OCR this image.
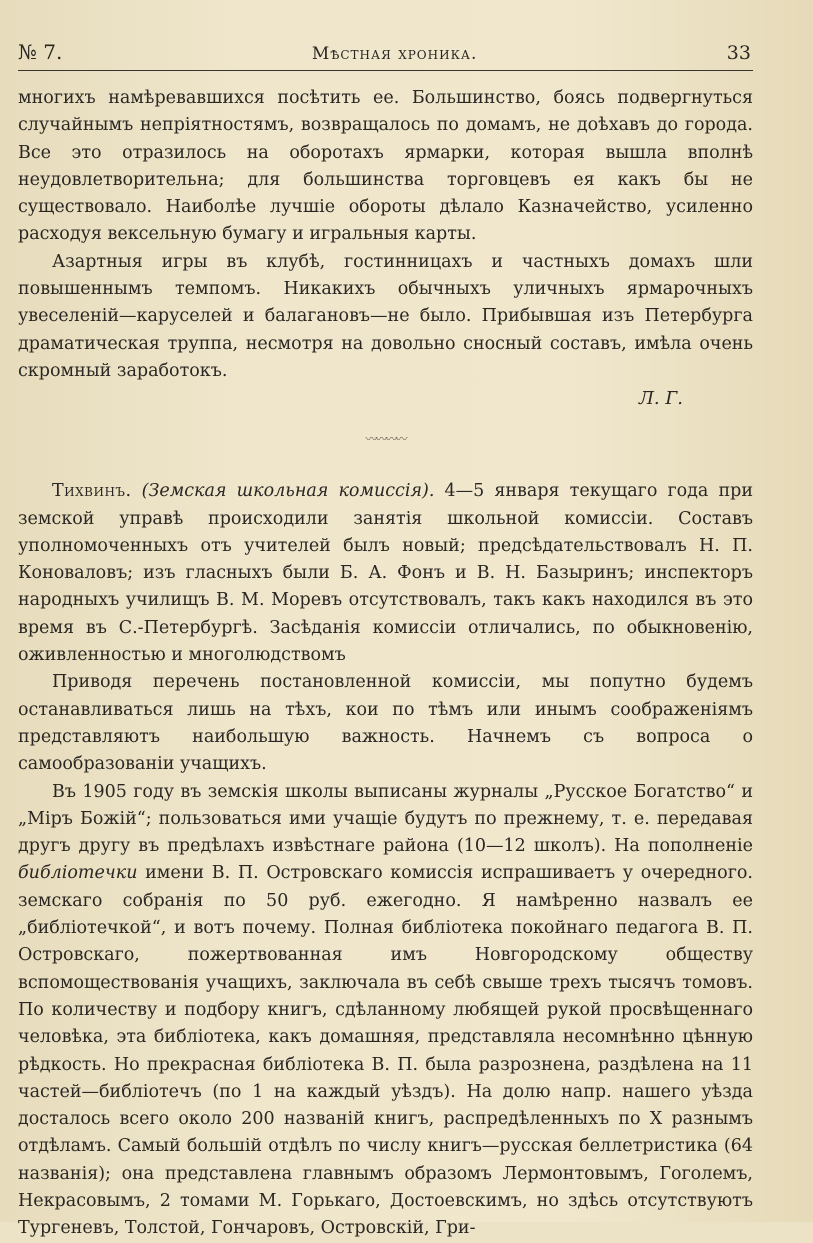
№ 7.	Мѣстная хроника.	33

многихъ намѣревавшихся посѣтить ее. Большинство, боясь подвергнуться случайнымъ непріятностямъ, возвращалось по домамъ, не доѣхавъ до города. Все это отразилось на оборотахъ ярмарки, которая вышла вполнѣ неудовлетворительна; для большинства торговцевъ ея какъ бы не существовало. Наиболѣе лучшіе обороты дѣлало Казначейство, усиленно расходуя вексельную бумагу и игральныя карты.

Азартныя игры въ клубѣ, гостинницахъ и частныхъ домахъ шли повышеннымъ темпомъ. Никакихъ обычныхъ уличныхъ ярмарочныхъ увеселеній—каруселей и балагановъ—не было. Прибывшая изъ Петербурга драматическая труппа, несмотря на довольно сносный составъ, имѣла очень скромный заработокъ.

Л. Г.
〰〰〰〰

Тихвинъ. (Земская школьная комиссія). 4—5 января текущаго года при земской управѣ происходили занятія школьной комиссіи. Составъ уполномоченныхъ отъ учителей былъ новый; предсѣдательствовалъ Н. П. Коноваловъ; изъ гласныхъ были Б. А. Фонъ и В. Н. Базыринъ; инспекторъ народныхъ училищъ В. М. Моревъ отсутствовалъ, такъ какъ находился въ это время въ С.-Петербургѣ. Засѣданія комиссіи отличались, по обыкновенію, оживленностью и многолюдствомъ

Приводя перечень постановленной комиссіи, мы попутно будемъ останавливаться лишь на тѣхъ, кои по тѣмъ или инымъ соображеніямъ представляютъ наибольшую важность. Начнемъ съ вопроса о самообразованіи учащихъ.

Въ 1905 году въ земскія школы выписаны журналы „Русское Богатство“ и „Міръ Божій“; пользоваться ими учащіе будутъ по прежнему, т. е. передавая другъ другу въ предѣлахъ извѣстнаге района (10—12 школъ). На пополненіе библіотечки имени В. П. Островскаго комиссія испрашиваетъ у очередного. земскаго собранія по 50 руб. ежегодно. Я намѣренно назвалъ ее „библіотечкой“, и вотъ почему. Полная библіотека покойнаго педагога В. П. Островскаго, пожертвованная имъ Новгородскому обществу вспомоществованія учащихъ, заключала въ себѣ свыше трехъ тысячъ томовъ. По количеству и подбору книгъ, сдѣланному любящей рукой просвѣщеннаго человѣка, эта библіотека, какъ домашняя, представляла несомнѣнно цѣнную рѣдкость. Но прекрасная библіотека В. П. была разрознена, раздѣлена на 11 частей—библіотечъ (по 1 на каждый уѣздъ). На долю напр. нашего уѣзда досталось всего около 200 названій книгъ, распредѣленныхъ по X разнымъ отдѣламъ. Самый большій отдѣлъ по числу книгъ—русская беллетристика (64 названія); она представлена главнымъ образомъ Лермонтовымъ, Гоголемъ, Некрасовымъ, 2 томами М. Горькаго, Достоевскимъ, но здѣсь отсутствуютъ Тургеневъ, Толстой, Гончаровъ, Островскій, Гри-
